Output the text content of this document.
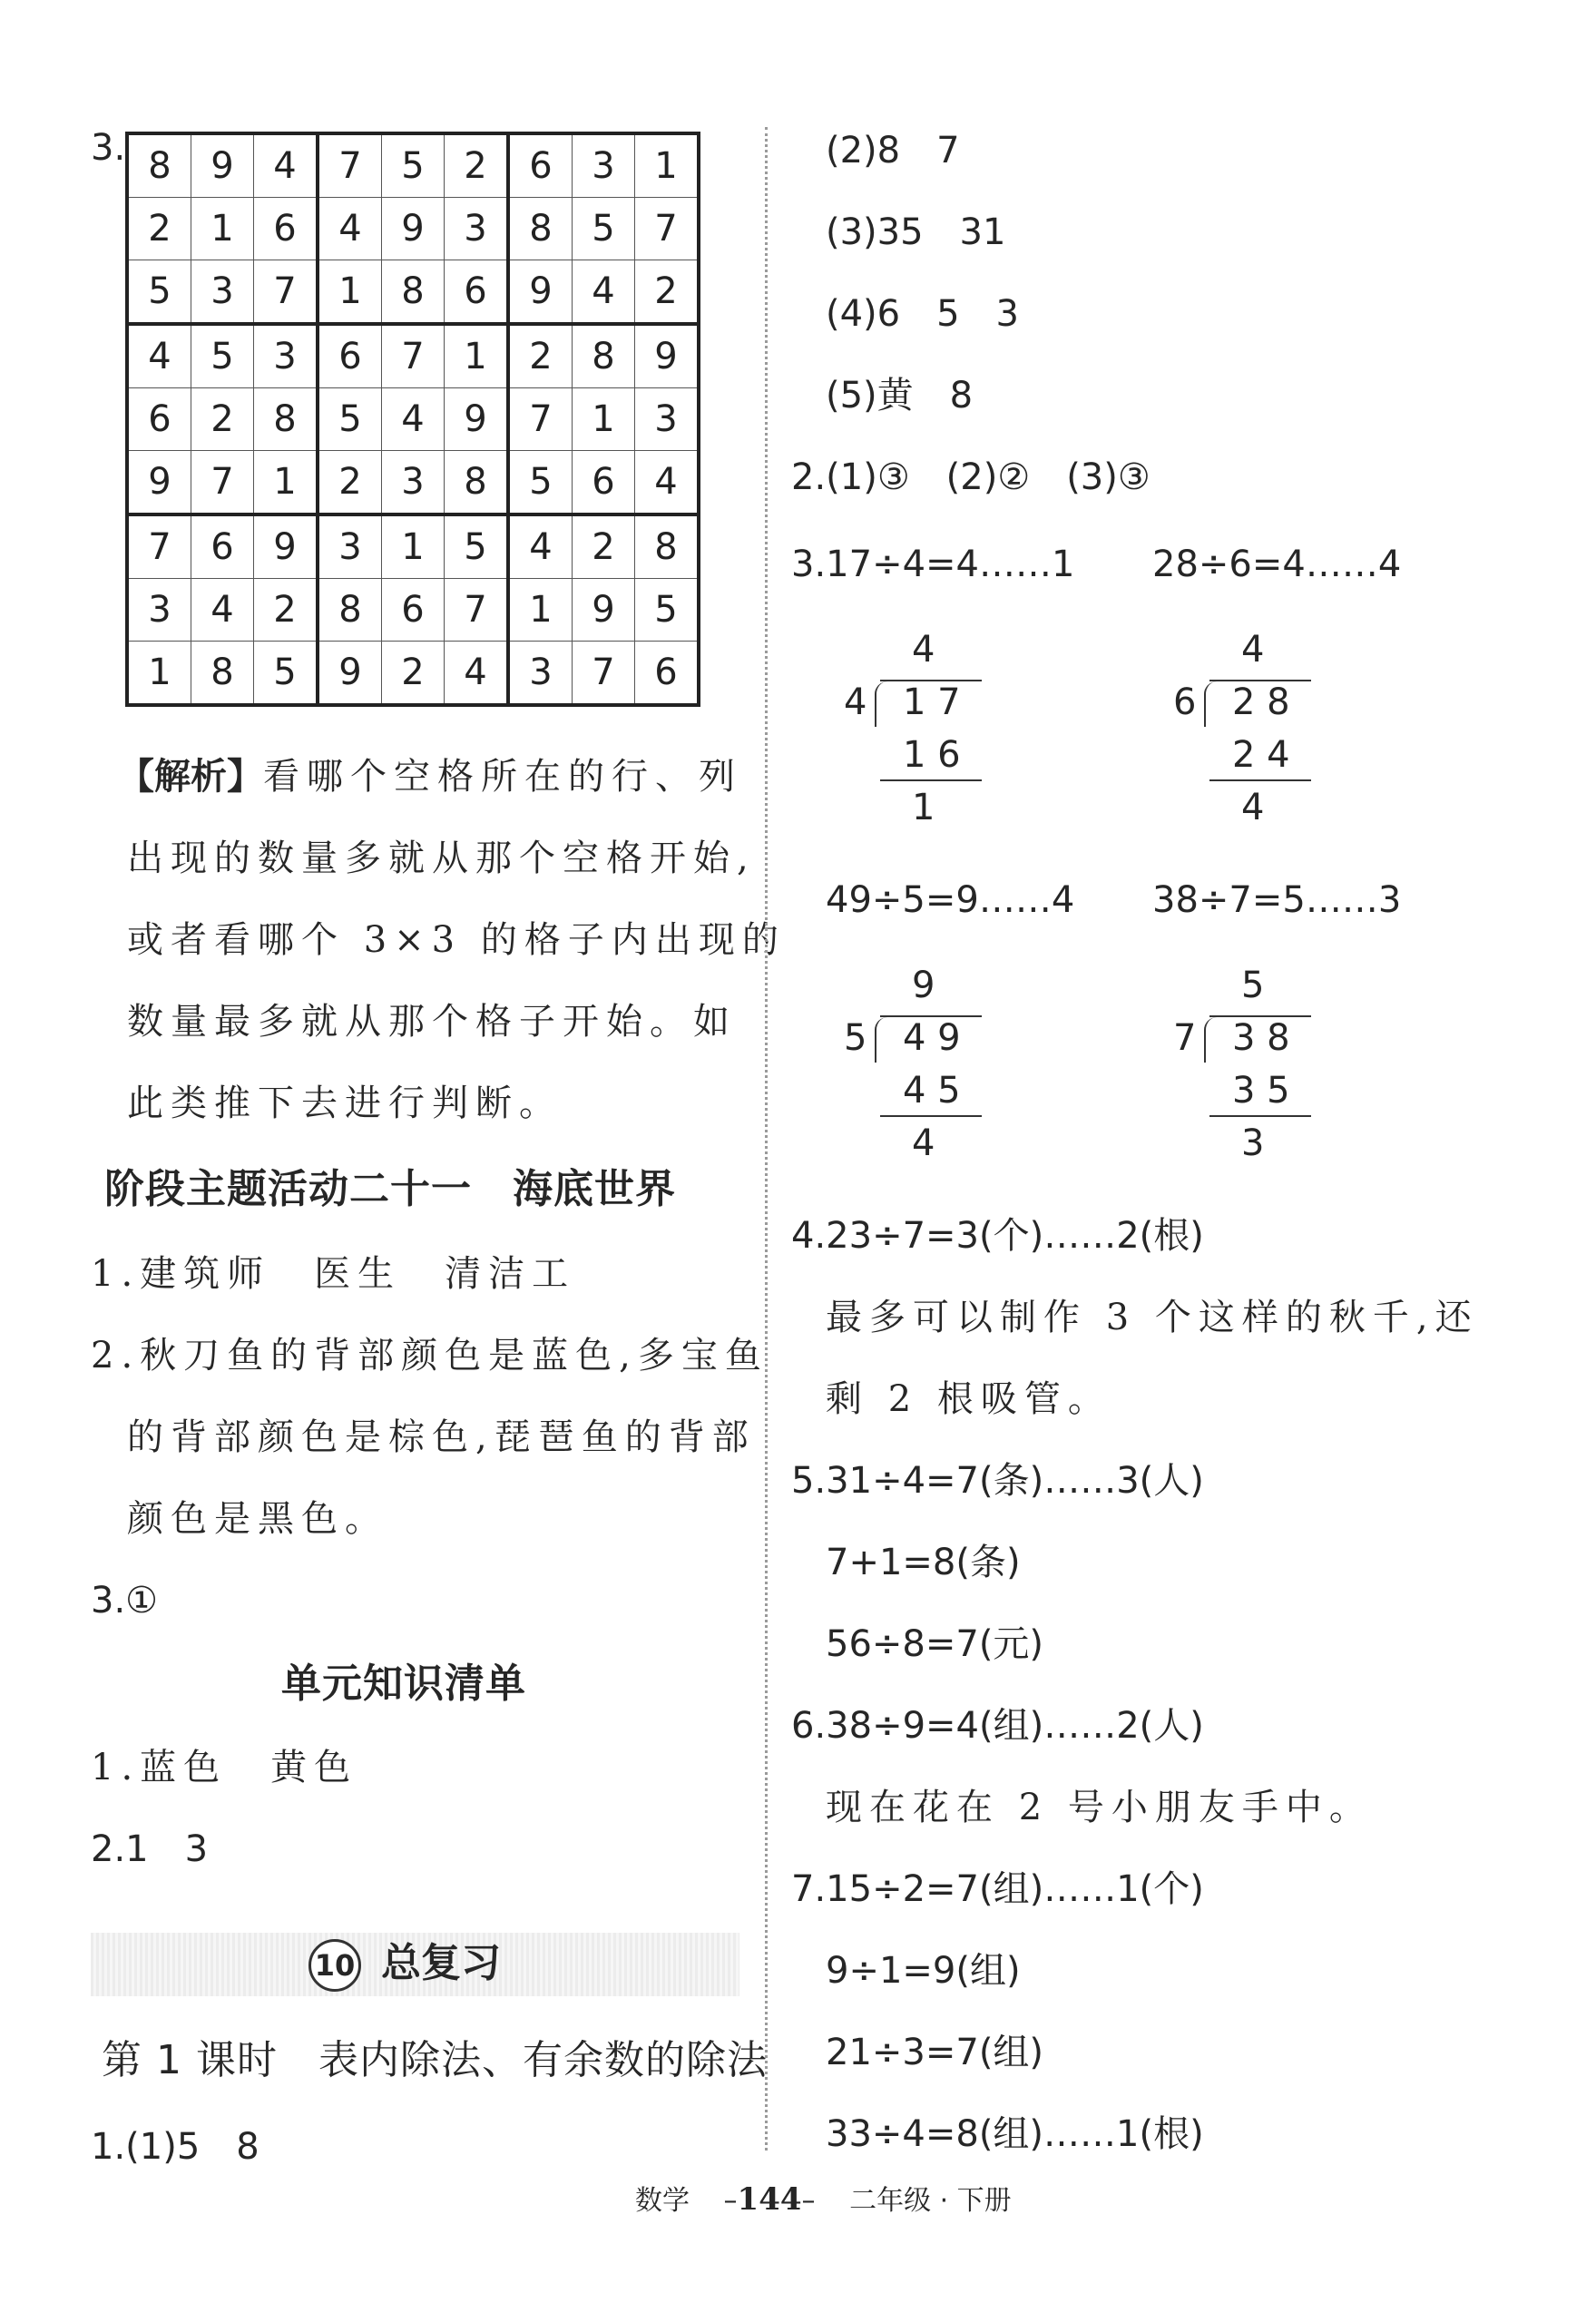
3. 8	9	4	7	5	2	6	3	1
2	1	6	4	9	3	8	5	7
5	3	7	1	8	6	9	4	2
4	5	3	6	7	1	2	8	9
6	2	8	5	4	9	7	1	3
9	7	1	2	3	8	5	6	4
7	6	9	3	1	5	4	2	8
3	4	2	8	6	7	1	9	5
1	8	5	9	2	4	3	7	6
【解析】看哪个空格所在的行、列
出现的数量多就从那个空格开始,
或者看哪个 3×3 的格子内出现的
数量最多就从那个格子开始。如
此类推下去进行判断。
阶段主题活动二十一　海底世界
1.建筑师　医生　清洁工
2.秋刀鱼的背部颜色是蓝色,多宝鱼
的背部颜色是棕色,琵琶鱼的背部
颜色是黑色。
3.①
单元知识清单
1.蓝色　黄色
2.1　3
10 总复习
第 1 课时　表内除法、有余数的除法
1.(1)5　8
(2)8　7
(3)35　31
(4)6　5　3
(5)黄　8
2.(1)③　(2)②　(3)③
3.17÷4=4……1 28÷6=4……4
4
4 1 7
1 6
1
4
6 2 8
2 4
4
49÷5=9……4 38÷7=5……3
9
5 4 9
4 5
4
5
7 3 8
3 5
3
4.23÷7=3(个)……2(根)
最多可以制作 3 个这样的秋千,还
剩 2 根吸管。
5.31÷4=7(条)……3(人)
7+1=8(条)
56÷8=7(元)
6.38÷9=4(组)……2(人)
现在花在 2 号小朋友手中。
7.15÷2=7(组)……1(个)
9÷1=9(组)
21÷3=7(组)
33÷4=8(组)……1(根)
数学 –144– 二年级 · 下册
